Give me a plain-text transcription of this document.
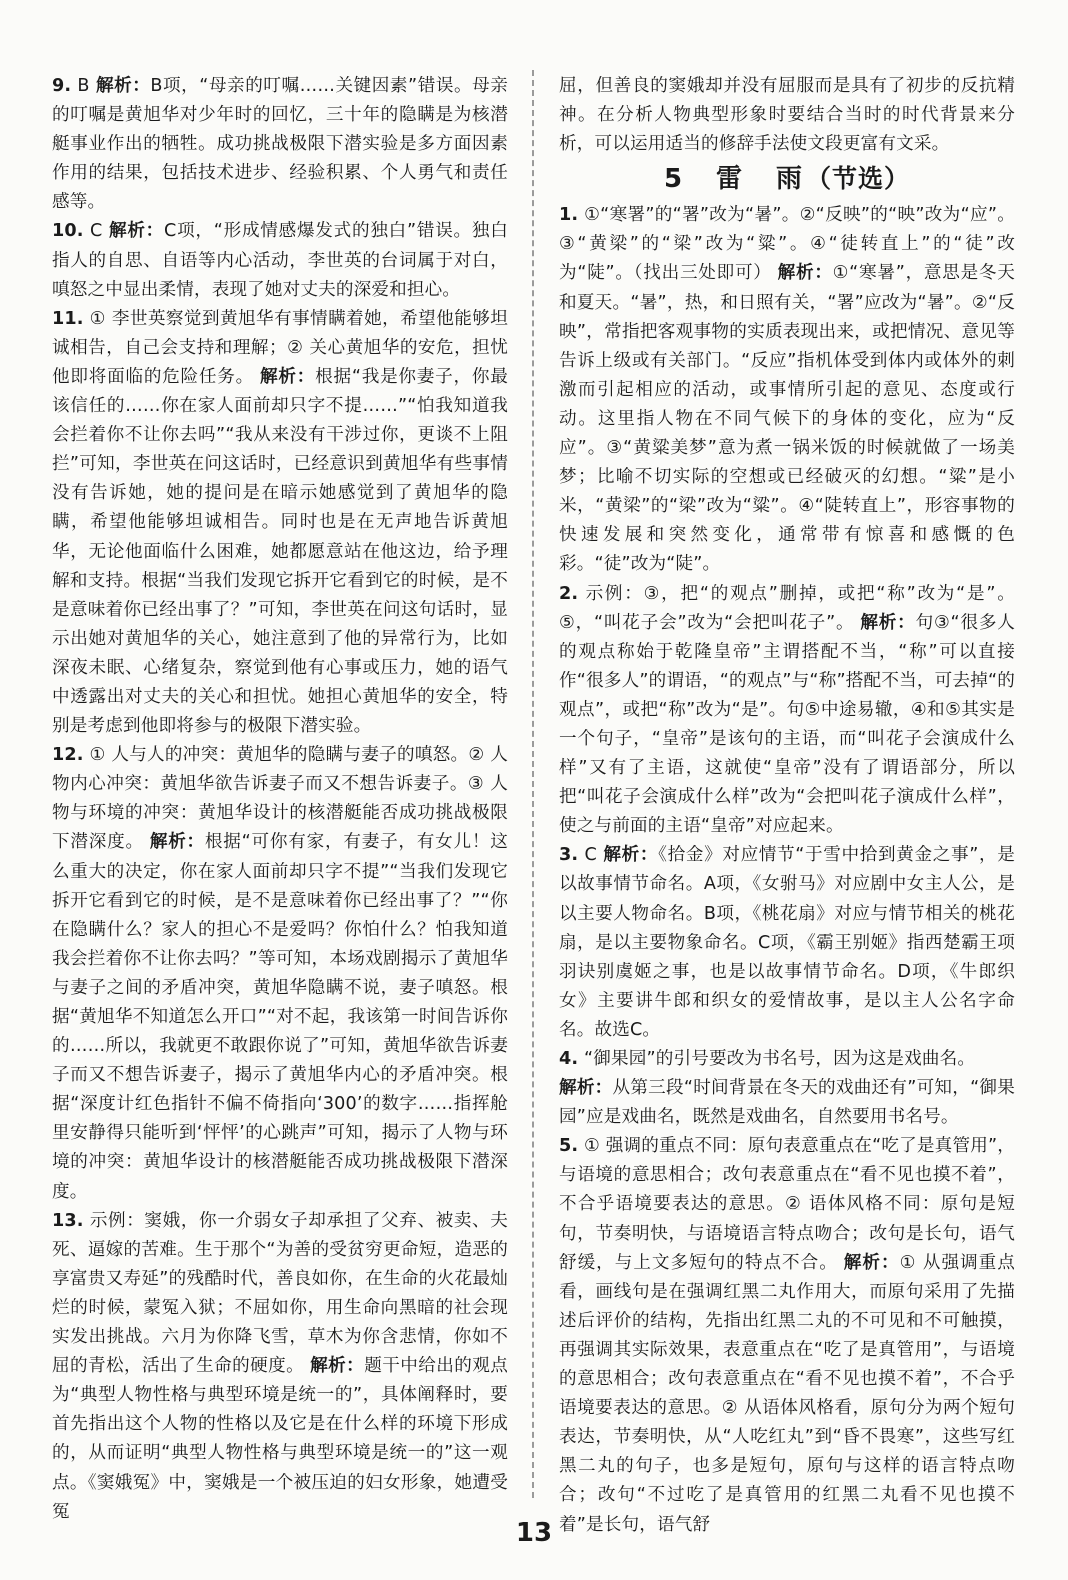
9. B 解析：B项，“母亲的叮嘱……关键因素”错误。母亲的叮嘱是黄旭华对少年时的回忆，三十年的隐瞒是为核潜艇事业作出的牺牲。成功挑战极限下潜实验是多方面因素作用的结果，包括技术进步、经验积累、个人勇气和责任感等。

10. C 解析：C项，“形成情感爆发式的独白”错误。独白指人的自思、自语等内心活动，李世英的台词属于对白，嗔怒之中显出柔情，表现了她对丈夫的深爱和担心。

11. ① 李世英察觉到黄旭华有事情瞒着她，希望他能够坦诚相告，自己会支持和理解；② 关心黄旭华的安危，担忧他即将面临的危险任务。 解析：根据“我是你妻子，你最该信任的……你在家人面前却只字不提……”“怕我知道我会拦着你不让你去吗”“我从来没有干涉过你，更谈不上阻拦”可知，李世英在问这话时，已经意识到黄旭华有些事情没有告诉她，她的提问是在暗示她感觉到了黄旭华的隐瞒，希望他能够坦诚相告。同时也是在无声地告诉黄旭华，无论他面临什么困难，她都愿意站在他这边，给予理解和支持。根据“当我们发现它拆开它看到它的时候，是不是意味着你已经出事了？”可知，李世英在问这句话时，显示出她对黄旭华的关心，她注意到了他的异常行为，比如深夜未眠、心绪复杂，察觉到他有心事或压力，她的语气中透露出对丈夫的关心和担忧。她担心黄旭华的安全，特别是考虑到他即将参与的极限下潜实验。

12. ① 人与人的冲突：黄旭华的隐瞒与妻子的嗔怒。② 人物内心冲突：黄旭华欲告诉妻子而又不想告诉妻子。③ 人物与环境的冲突：黄旭华设计的核潜艇能否成功挑战极限下潜深度。 解析：根据“可你有家，有妻子，有女儿！这么重大的决定，你在家人面前却只字不提”“当我们发现它拆开它看到它的时候，是不是意味着你已经出事了？”“你在隐瞒什么？家人的担心不是爱吗？你怕什么？怕我知道我会拦着你不让你去吗？”等可知，本场戏剧揭示了黄旭华与妻子之间的矛盾冲突，黄旭华隐瞒不说，妻子嗔怒。根据“黄旭华不知道怎么开口”“对不起，我该第一时间告诉你的……所以，我就更不敢跟你说了”可知，黄旭华欲告诉妻子而又不想告诉妻子，揭示了黄旭华内心的矛盾冲突。根据“深度计红色指针不偏不倚指向‘300’的数字……指挥舱里安静得只能听到‘怦怦’的心跳声”可知，揭示了人物与环境的冲突：黄旭华设计的核潜艇能否成功挑战极限下潜深度。

13. 示例：窦娥，你一介弱女子却承担了父弃、被卖、夫死、逼嫁的苦难。生于那个“为善的受贫穷更命短，造恶的享富贵又寿延”的残酷时代，善良如你，在生命的火花最灿烂的时候，蒙冤入狱；不屈如你，用生命向黑暗的社会现实发出挑战。六月为你降飞雪，草木为你含悲情，你如不屈的青松，活出了生命的硬度。 解析：题干中给出的观点为“典型人物性格与典型环境是统一的”，具体阐释时，要首先指出这个人物的性格以及它是在什么样的环境下形成的，从而证明“典型人物性格与典型环境是统一的”这一观点。《窦娥冤》中，窦娥是一个被压迫的妇女形象，她遭受冤

屈，但善良的窦娥却并没有屈服而是具有了初步的反抗精神。在分析人物典型形象时要结合当时的时代背景来分析，可以运用适当的修辞手法使文段更富有文采。

5　雷　雨（节选）

1. ①“寒署”的“署”改为“暑”。②“反映”的“映”改为“应”。③“黄梁”的“梁”改为“粱”。④“徒转直上”的“徒”改为“陡”。（找出三处即可） 解析：①“寒暑”，意思是冬天和夏天。“暑”，热，和日照有关，“署”应改为“暑”。②“反映”，常指把客观事物的实质表现出来，或把情况、意见等告诉上级或有关部门。“反应”指机体受到体内或体外的刺激而引起相应的活动，或事情所引起的意见、态度或行动。这里指人物在不同气候下的身体的变化，应为“反应”。③“黄粱美梦”意为煮一锅米饭的时候就做了一场美梦；比喻不切实际的空想或已经破灭的幻想。“粱”是小米，“黄梁”的“梁”改为“粱”。④“陡转直上”，形容事物的快速发展和突然变化，通常带有惊喜和感慨的色彩。“徒”改为“陡”。

2. 示例：③，把“的观点”删掉，或把“称”改为“是”。⑤，“叫花子会”改为“会把叫花子”。 解析：句③“很多人的观点称始于乾隆皇帝”主谓搭配不当，“称”可以直接作“很多人”的谓语，“的观点”与“称”搭配不当，可去掉“的观点”，或把“称”改为“是”。句⑤中途易辙，④和⑤其实是一个句子，“皇帝”是该句的主语，而“叫花子会演成什么样”又有了主语，这就使“皇帝”没有了谓语部分，所以把“叫花子会演成什么样”改为“会把叫花子演成什么样”，使之与前面的主语“皇帝”对应起来。

3. C 解析：《拾金》对应情节“于雪中拾到黄金之事”，是以故事情节命名。A项，《女驸马》对应剧中女主人公，是以主要人物命名。B项，《桃花扇》对应与情节相关的桃花扇，是以主要物象命名。C项，《霸王别姬》指西楚霸王项羽诀别虞姬之事，也是以故事情节命名。D项，《牛郎织女》主要讲牛郎和织女的爱情故事，是以主人公名字命名。故选C。

4. “御果园”的引号要改为书名号，因为这是戏曲名。

解析：从第三段“时间背景在冬天的戏曲还有”可知，“御果园”应是戏曲名，既然是戏曲名，自然要用书名号。

5. ① 强调的重点不同：原句表意重点在“吃了是真管用”，与语境的意思相合；改句表意重点在“看不见也摸不着”，不合乎语境要表达的意思。② 语体风格不同：原句是短句，节奏明快，与语境语言特点吻合；改句是长句，语气舒缓，与上文多短句的特点不合。 解析：① 从强调重点看，画线句是在强调红黑二丸作用大，而原句采用了先描述后评价的结构，先指出红黑二丸的不可见和不可触摸，再强调其实际效果，表意重点在“吃了是真管用”，与语境的意思相合；改句表意重点在“看不见也摸不着”，不合乎语境要表达的意思。② 从语体风格看，原句分为两个短句表达，节奏明快，从“人吃红丸”到“昏不畏寒”，这些写红黑二丸的句子，也多是短句，原句与这样的语言特点吻合；改句“不过吃了是真管用的红黑二丸看不见也摸不着”是长句，语气舒

13
